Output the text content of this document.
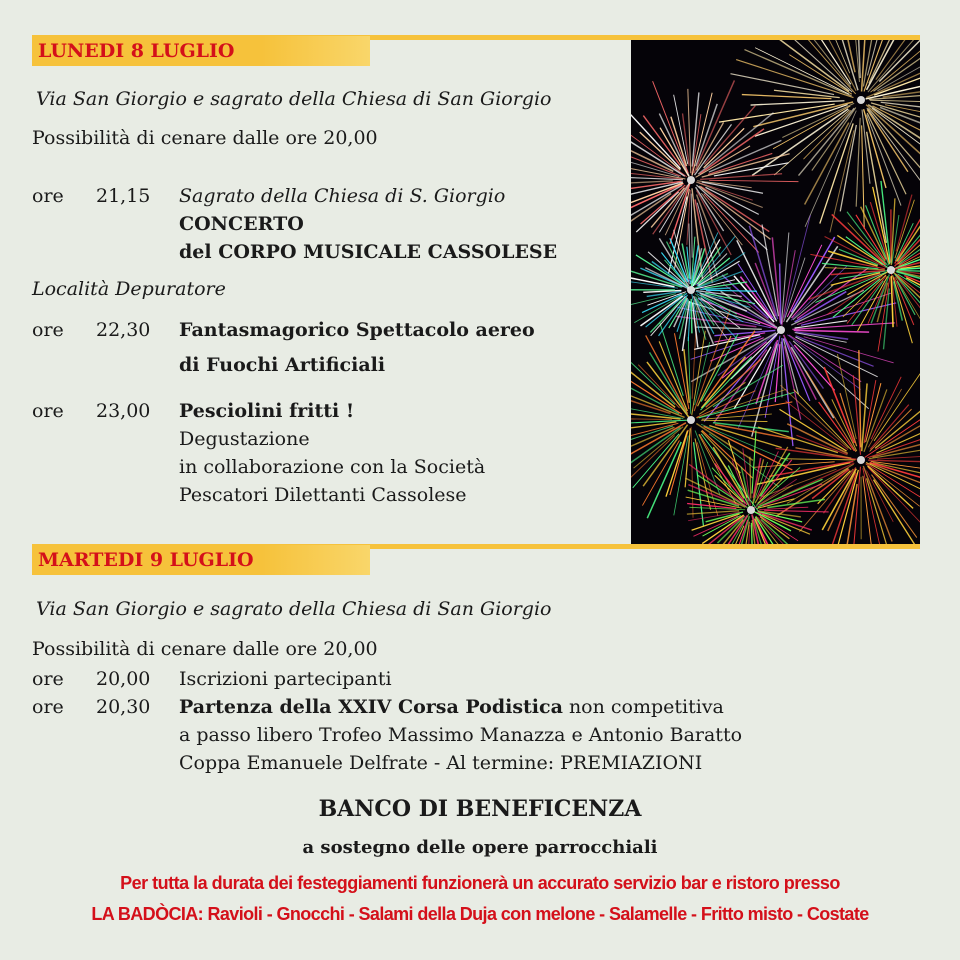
LUNEDI 8 LUGLIO
Via San Giorgio e sagrato della Chiesa di San Giorgio
Possibilità di cenare dalle ore 20,00
ore 21,15 Sagrato della Chiesa di S. Giorgio
CONCERTO
del CORPO MUSICALE CASSOLESE
Località Depuratore
ore 22,30 Fantasmagorico Spettacolo aereo
di Fuochi Artificiali
ore 23,00 Pesciolini fritti !
Degustazione
in collaborazione con la Società
Pescatori Dilettanti Cassolese
MARTEDI 9 LUGLIO
Via San Giorgio e sagrato della Chiesa di San Giorgio
Possibilità di cenare dalle ore 20,00
ore 20,00 Iscrizioni partecipanti
ore 20,30 Partenza della XXIV Corsa Podistica non competitiva
a passo libero Trofeo Massimo Manazza e Antonio Baratto
Coppa Emanuele Delfrate - Al termine: PREMIAZIONI
BANCO DI BENEFICENZA
a sostegno delle opere parrocchiali
Per tutta la durata dei festeggiamenti funzionerà un accurato servizio bar e ristoro presso
LA BADÒCIA: Ravioli - Gnocchi - Salami della Duja con melone - Salamelle - Fritto misto - Costate
